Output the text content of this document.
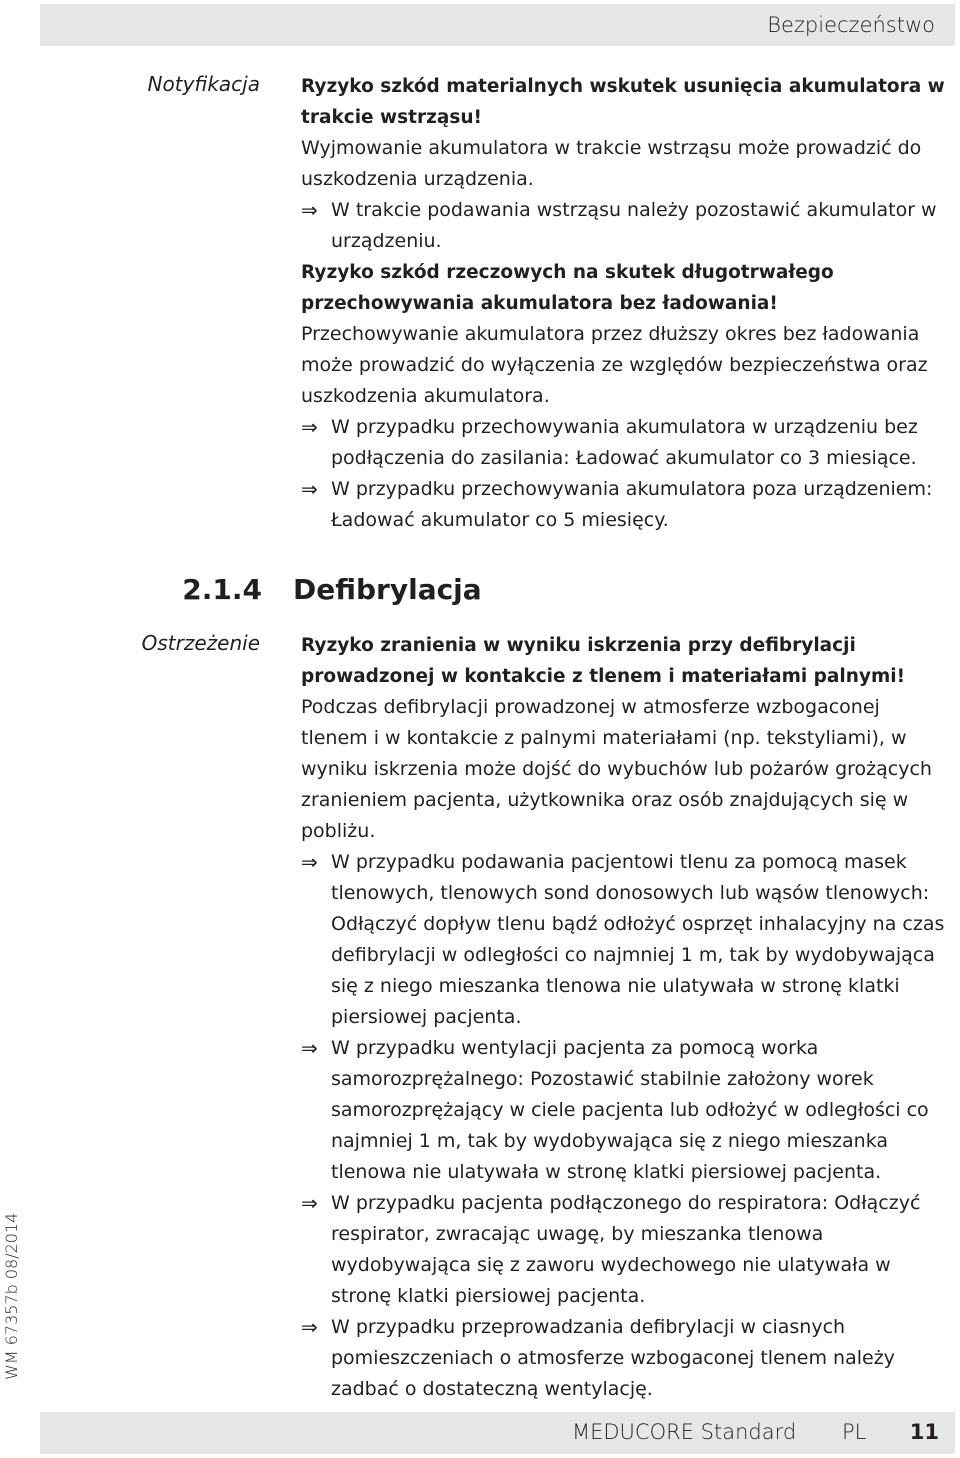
Bezpieczeństwo
Notyfikacja Ryzyko szkód materialnych wskutek usunięcia akumulatora w trakcie wstrząsu!
Wyjmowanie akumulatora w trakcie wstrząsu może prowadzić do uszkodzenia urządzenia.
⇒ W trakcie podawania wstrząsu należy pozostawić akumulator w urządzeniu.
Ryzyko szkód rzeczowych na skutek długotrwałego przechowywania akumulatora bez ładowania!
Przechowywanie akumulatora przez dłuższy okres bez ładowania może prowadzić do wyłączenia ze względów bezpieczeństwa oraz uszkodzenia akumulatora.
⇒ W przypadku przechowywania akumulatora w urządzeniu bez podłączenia do zasilania: Ładować akumulator co 3 miesiące.
⇒ W przypadku przechowywania akumulatora poza urządzeniem: Ładować akumulator co 5 miesięcy.
2.1.4 Defibrylacja
Ostrzeżenie Ryzyko zranienia w wyniku iskrzenia przy defibrylacji prowadzonej w kontakcie z tlenem i materiałami palnymi!
Podczas defibrylacji prowadzonej w atmosferze wzbogaconej tlenem i w kontakcie z palnymi materiałami (np. tekstyliami), w wyniku iskrzenia może dojść do wybuchów lub pożarów grożących zranieniem pacjenta, użytkownika oraz osób znajdujących się w pobliżu.
⇒ W przypadku podawania pacjentowi tlenu za pomocą masek tlenowych, tlenowych sond donosowych lub wąsów tlenowych: Odłączyć dopływ tlenu bądź odłożyć osprzęt inhalacyjny na czas defibrylacji w odległości co najmniej 1 m, tak by wydobywająca się z niego mieszanka tlenowa nie ulatywała w stronę klatki piersiowej pacjenta.
⇒ W przypadku wentylacji pacjenta za pomocą worka samorozprężalnego: Pozostawić stabilnie założony worek samorozprężający w ciele pacjenta lub odłożyć w odległości co najmniej 1 m, tak by wydobywająca się z niego mieszanka tlenowa nie ulatywała w stronę klatki piersiowej pacjenta.
⇒ W przypadku pacjenta podłączonego do respiratora: Odłączyć respirator, zwracając uwagę, by mieszanka tlenowa wydobywająca się z zaworu wydechowego nie ulatywała w stronę klatki piersiowej pacjenta.
⇒ W przypadku przeprowadzania defibrylacji w ciasnych pomieszczeniach o atmosferze wzbogaconej tlenem należy zadbać o dostateczną wentylację.
WM 67357b 08/2014
MEDUCORE Standard PL 11
